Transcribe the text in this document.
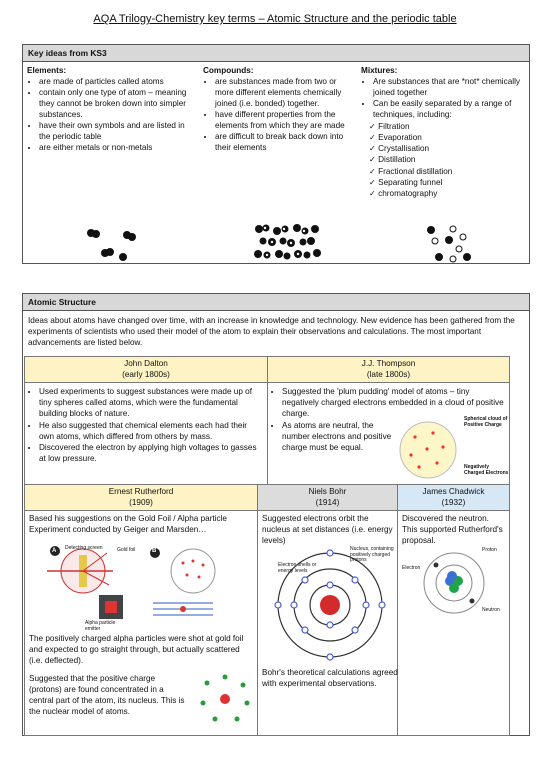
AQA Trilogy-Chemistry key terms – Atomic Structure and the periodic table
Key ideas from KS3
Elements:
• are made of particles called atoms
• contain only one type of atom – meaning they cannot be broken down into simpler substances.
• have their own symbols and are listed in the periodic table
• are either metals or non-metals
Compounds:
• are substances made from two or more different elements chemically joined (i.e. bonded) together.
• have different properties from the elements from which they are made
• are difficult to break back down into their elements
Mixtures:
• Are substances that are *not* chemically joined together
• Can be easily separated by a range of techniques, including:
✓ Filtration
✓ Evaporation
✓ Crystallisation
✓ Distillation
✓ Fractional distillation
✓ Separating funnel
✓ chromatography
Atomic Structure
Ideas about atoms have changed over time, with an increase in knowledge and technology. New evidence has been gathered from the experiments of scientists who used their model of the atom to explain their observations and calculations. The most important advancements are listed below.
John Dalton
(early 1800s)
• Used experiments to suggest substances were made up of tiny spheres called atoms, which were the fundamental building blocks of nature.
• He also suggested that chemical elements each had their own atoms, which differed from others by mass.
• Discovered the electron by applying high voltages to gasses at low pressure.
J.J. Thompson
(late 1800s)
• Suggested the 'plum pudding' model of atoms – tiny negatively charged electrons embedded in a cloud of positive charge.
• As atoms are neutral, the number electrons and positive charge must be equal.
Spherical cloud of Positive Charge
Negatively Charged Electrons
Ernest Rutherford
(1909)
Based his suggestions on the Gold Foil / Alpha particle Experiment conducted by Geiger and Marsden…
A	B
Detecting screen	Gold foil
Alpha particle emitter
The positively charged alpha particles were shot at gold foil and expected to go straight through, but actually scattered (i.e. deflected).
Suggested that the positive charge (protons) are found concentrated in a central part of the atom, its nucleus. This is the nuclear model of atoms.
Niels Bohr
(1914)
Suggested electrons orbit the nucleus at set distances (i.e. energy levels)
Nucleus, containing positively charged protons
Electron shells or energy levels
Bohr's theoretical calculations agreed with experimental observations.
James Chadwick
(1932)
Discovered the neutron. This supported Rutherford's proposal.
Proton
Electron
Neutron
